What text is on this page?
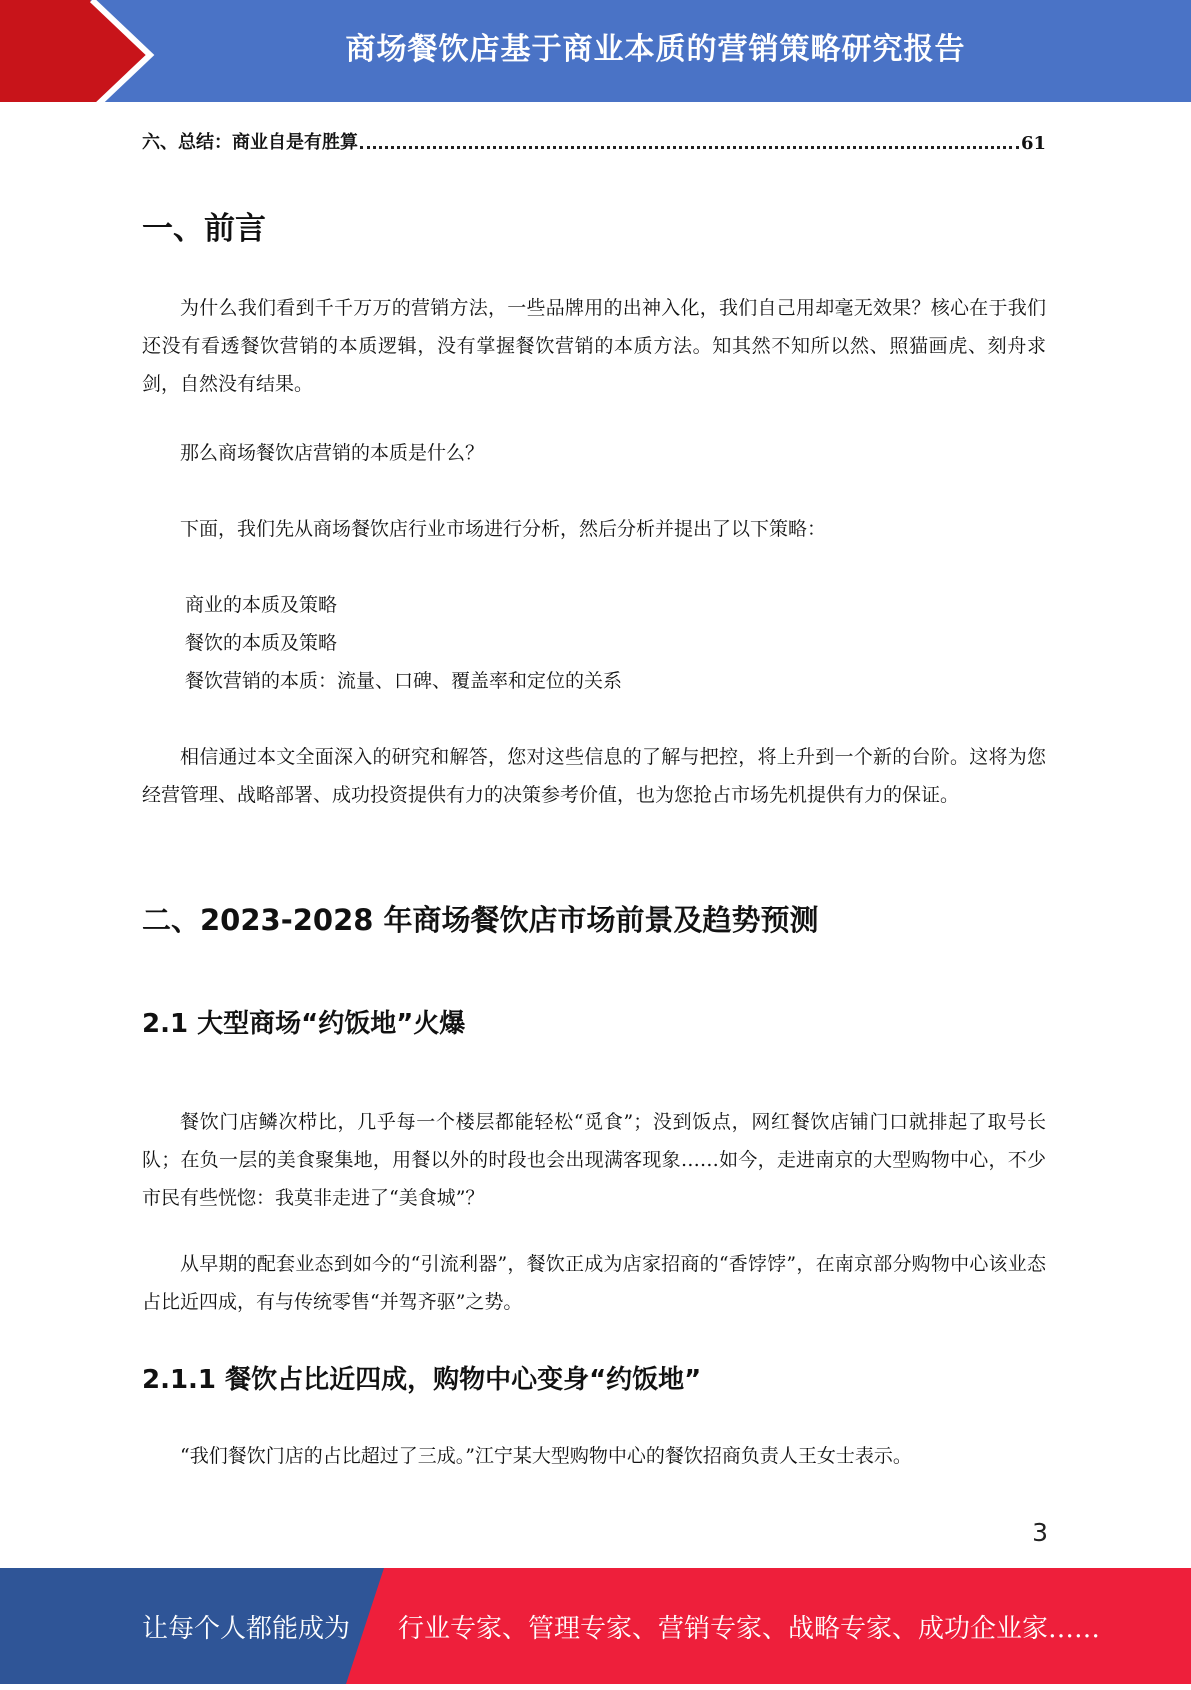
商场餐饮店基于商业本质的营销策略研究报告
六、总结：商业自是有胜算	61
一、前言
为什么我们看到千千万万的营销方法，一些品牌用的出神入化，我们自己用却毫无效果？核心在于我们还没有看透餐饮营销的本质逻辑，没有掌握餐饮营销的本质方法。知其然不知所以然、照猫画虎、刻舟求剑，自然没有结果。
那么商场餐饮店营销的本质是什么？
下面，我们先从商场餐饮店行业市场进行分析，然后分析并提出了以下策略：
商业的本质及策略
餐饮的本质及策略
餐饮营销的本质：流量、口碑、覆盖率和定位的关系
相信通过本文全面深入的研究和解答，您对这些信息的了解与把控，将上升到一个新的台阶。这将为您经营管理、战略部署、成功投资提供有力的决策参考价值，也为您抢占市场先机提供有力的保证。
二、2023-2028 年商场餐饮店市场前景及趋势预测
2.1 大型商场“约饭地”火爆
餐饮门店鳞次栉比，几乎每一个楼层都能轻松“觅食”；没到饭点，网红餐饮店铺门口就排起了取号长队；在负一层的美食聚集地，用餐以外的时段也会出现满客现象……如今，走进南京的大型购物中心，不少市民有些恍惚：我莫非走进了“美食城”？
从早期的配套业态到如今的“引流利器”，餐饮正成为店家招商的“香饽饽”，在南京部分购物中心该业态占比近四成，有与传统零售“并驾齐驱”之势。
2.1.1 餐饮占比近四成，购物中心变身“约饭地”
“我们餐饮门店的占比超过了三成。”江宁某大型购物中心的餐饮招商负责人王女士表示。
3
让每个人都能成为 行业专家、管理专家、营销专家、战略专家、成功企业家……
